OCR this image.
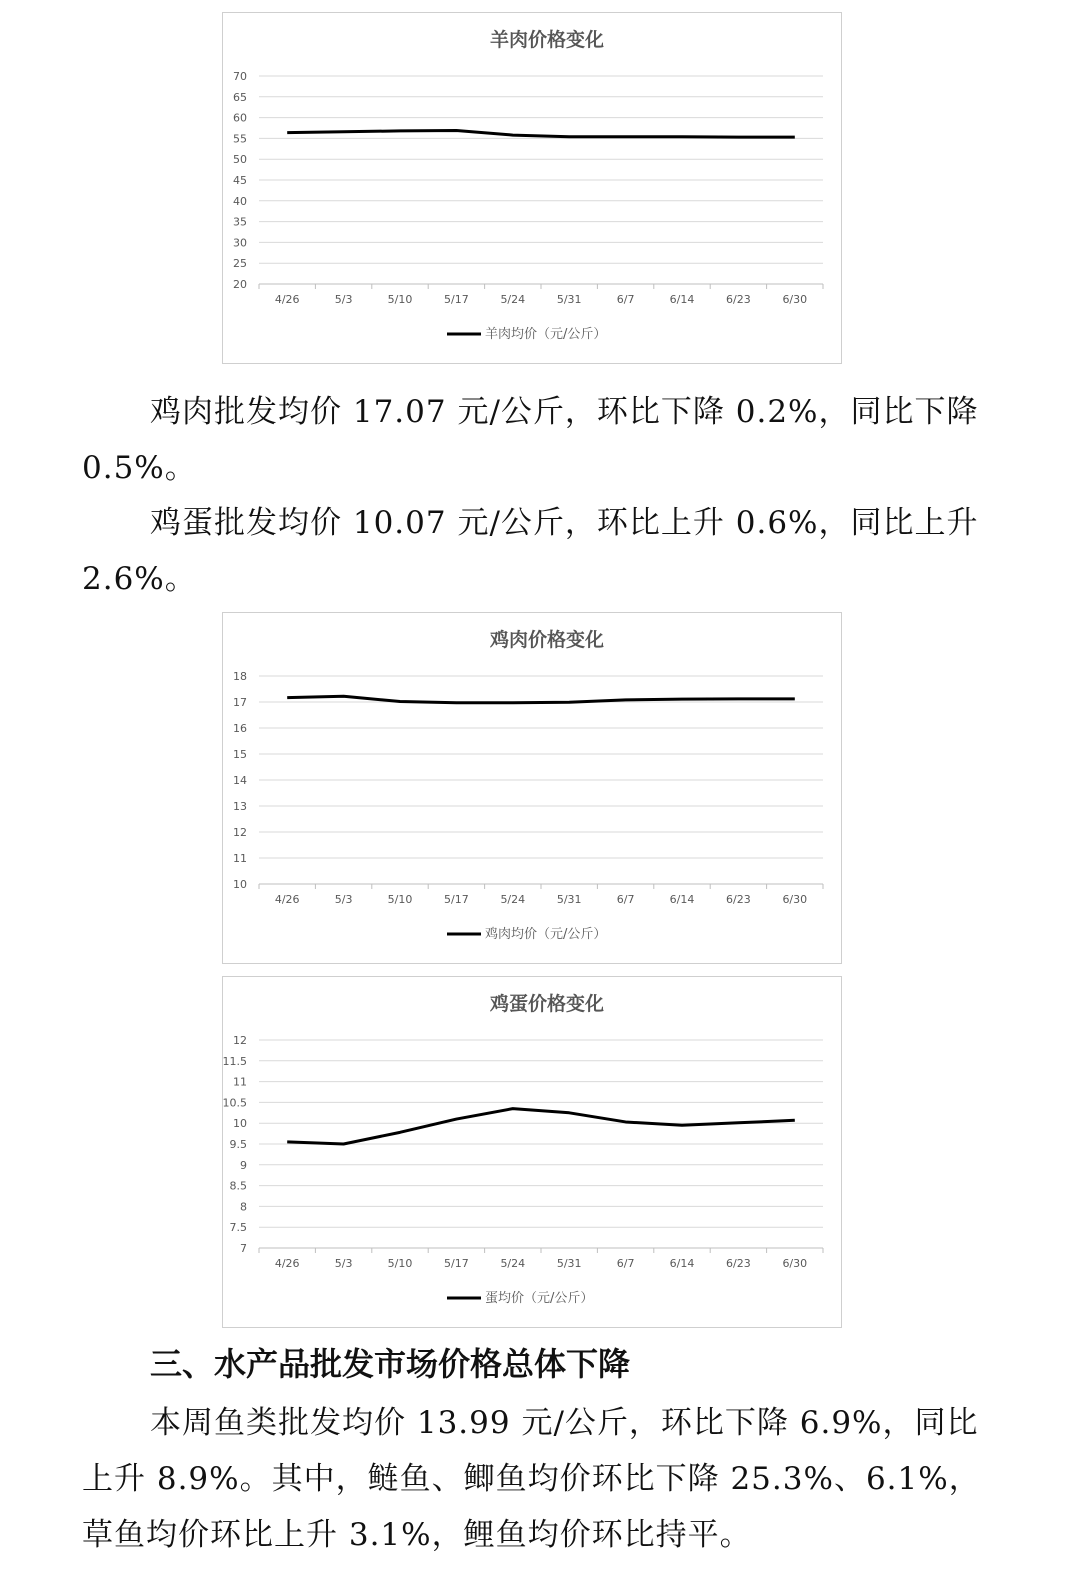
羊肉价格变化
70
65
60
55
50
45
40
35
30
25
20
4/26	5/3	5/10	5/17	5/24	5/31	6/7	6/14	6/23	6/30
羊肉均价（元/公斤）
鸡肉批发均价 17.07 元/公斤，环比下降 0.2%，同比下降 0.5%。
鸡蛋批发均价 10.07 元/公斤，环比上升 0.6%，同比上升 2.6%。
鸡肉价格变化
18
17
16
15
14
13
12
11
10
4/26	5/3	5/10	5/17	5/24	5/31	6/7	6/14	6/23	6/30
鸡肉均价（元/公斤）
鸡蛋价格变化
12
11.5
11
10.5
10
9.5
9
8.5
8
7.5
7
4/26	5/3	5/10	5/17	5/24	5/31	6/7	6/14	6/23	6/30
蛋均价（元/公斤）
三、水产品批发市场价格总体下降
本周鱼类批发均价 13.99 元/公斤，环比下降 6.9%，同比上升 8.9%。其中，鲢鱼、鲫鱼均价环比下降 25.3%、6.1%，草鱼均价环比上升 3.1%，鲤鱼均价环比持平。
